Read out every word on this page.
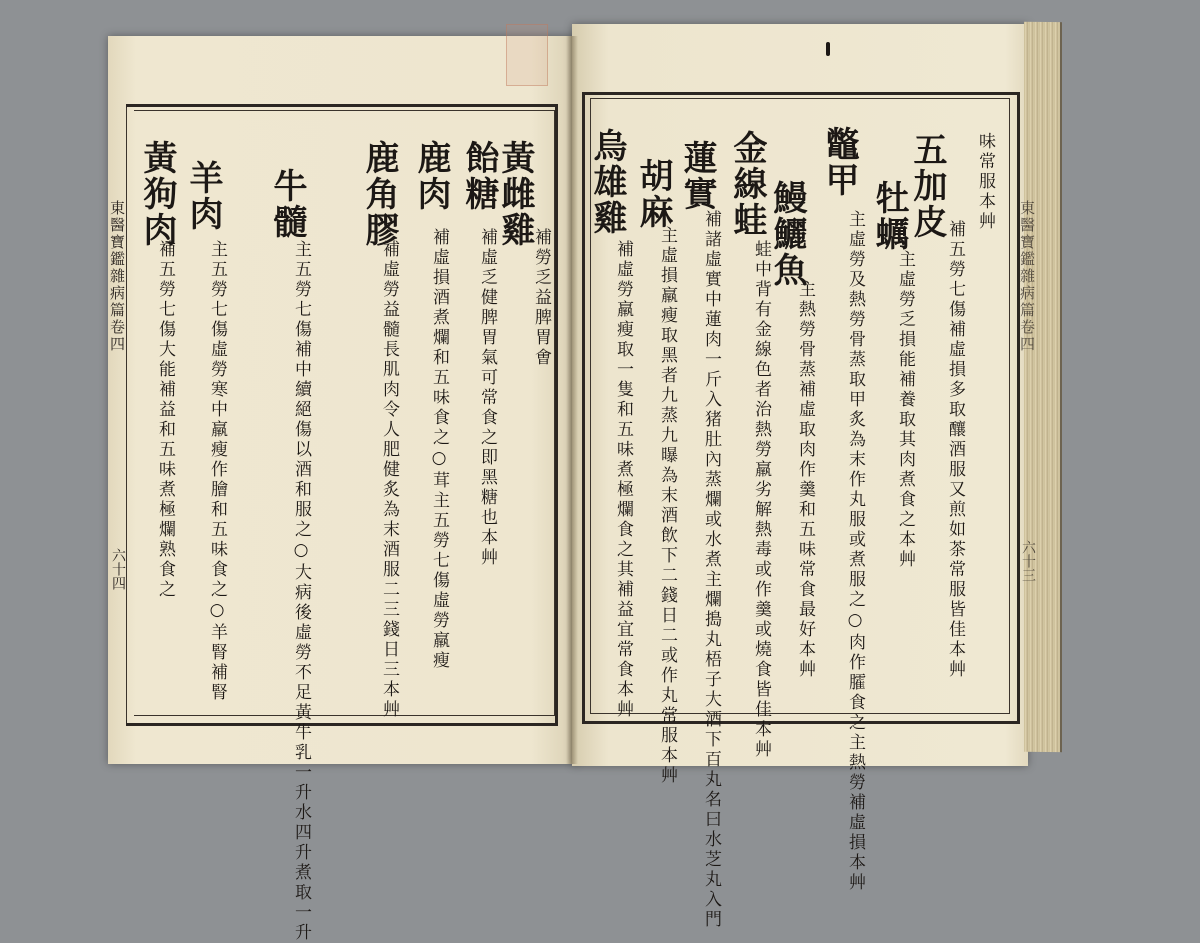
東醫寶鑑雜病篇卷四
六十四
東醫寶鑑雜病篇卷四
六十三
黃雌雞
補勞乏益脾胃㑹
飴糖
補虛乏健脾胃氣可常食之即黑糖也本艸
鹿肉
補虛損酒煮爛和五味食之○茸主五勞七傷虛勞羸瘦
鹿角膠
補虛勞益髓長肌肉令人肥健炙為末酒服二三錢日三本艸
牛髓
主五勞七傷補中續絕傷以酒和服之○大病後虛勞不足黃牛乳一升水四升煮取一升
羊肉
主五勞七傷虛勞寒中羸瘦作膾和五味食之○羊腎補腎
黃狗肉
補五勞七傷大能補益和五味煮極爛熟食之
味常服本艸
五加皮
補五勞七傷補虛損多取釀酒服又煎如茶常服皆佳本艸
牡蠣
主虛勞乏損能補養取其肉煮食之本艸
鼈甲
主虛勞及熱勞骨蒸取甲炙為末作丸服或煮服之○肉作臛食之主熱勞補虛損本艸
鰻鱺魚
主熱勞骨蒸補虛取肉作羹和五味常食最好本艸
金線蛙
蛙中背有金線色者治熱勞羸劣解熱毒或作羹或燒食皆佳本艸
蓮實
補諸虛實中蓮肉一斤入猪肚內蒸爛或水煮主爛搗丸梧子大酒下百丸名曰水芝丸入門
胡麻
主虛損羸瘦取黑者九蒸九曝為末酒飲下二錢日二或作丸常服本艸
烏雄雞
補虛勞羸瘦取一隻和五味煮極爛食之其補益宜常食本艸
